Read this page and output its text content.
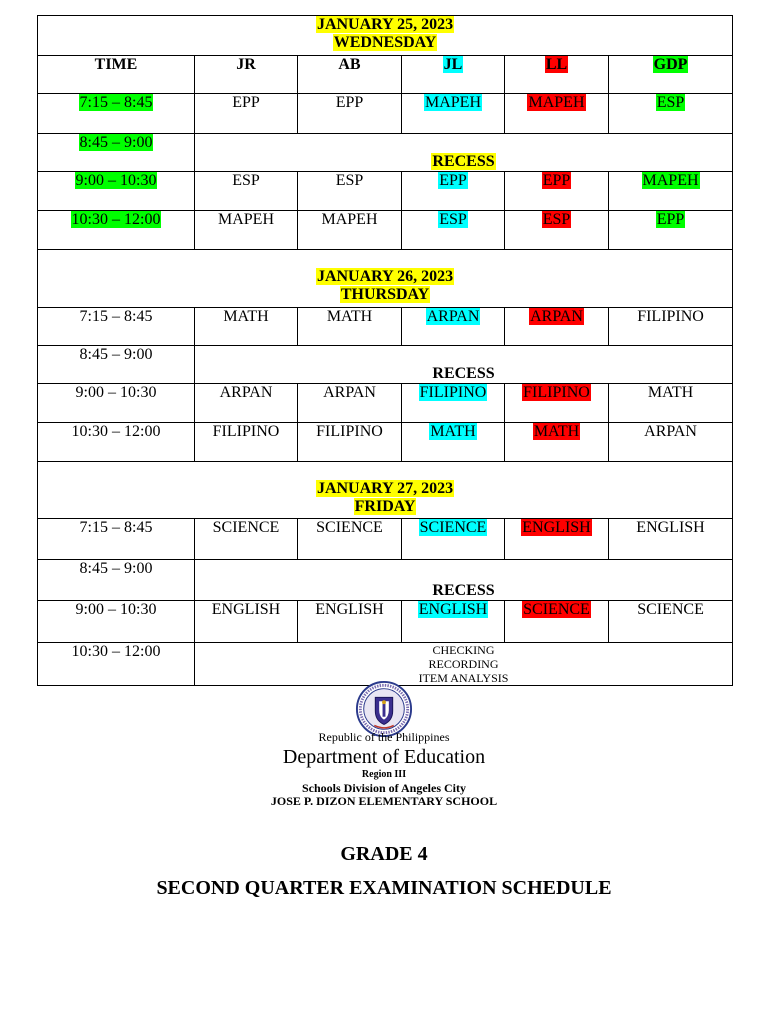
JANUARY 25, 2023
WEDNESDAY					

TIME	JR	AB	JL	LL	GDP
7:15 – 8:45	EPP	EPP	MAPEH	MAPEH	ESP
8:45 – 9:00	RECESS				
9:00 – 10:30	ESP	ESP	EPP	EPP	MAPEH
10:30 – 12:00	MAPEH	MAPEH	ESP	ESP	EPP

JANUARY 26, 2023
THURSDAY					

7:15 – 8:45	MATH	MATH	ARPAN	ARPAN	FILIPINO
8:45 – 9:00	RECESS				
9:00 – 10:30	ARPAN	ARPAN	FILIPINO	FILIPINO	MATH
10:30 – 12:00	FILIPINO	FILIPINO	MATH	MATH	ARPAN

JANUARY 27, 2023
FRIDAY					

7:15 – 8:45	SCIENCE	SCIENCE	SCIENCE	ENGLISH	ENGLISH
8:45 – 9:00	RECESS				
9:00 – 10:30	ENGLISH	ENGLISH	ENGLISH	SCIENCE	SCIENCE
10:30 – 12:00	CHECKING
RECORDING
ITEM ANALYSIS				
Republic of the Philippines
Department of Education
Region III
Schools Division of Angeles City
JOSE P. DIZON ELEMENTARY SCHOOL
GRADE 4
SECOND QUARTER EXAMINATION SCHEDULE
